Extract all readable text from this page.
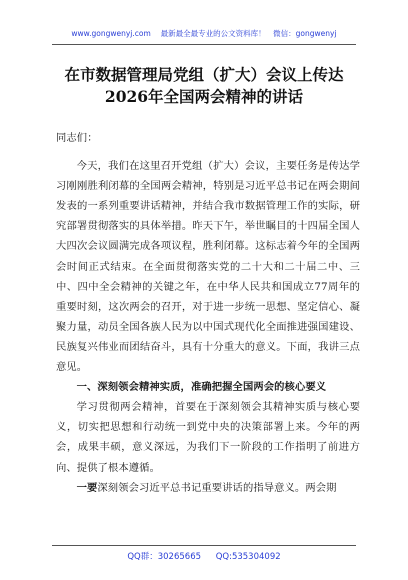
www.gongwenyj.com　 最新最全最专业的公文资料库！　微信：gongwenyj
在市数据管理局党组（扩大）会议上传达
2026年全国两会精神的讲话

同志们：

今天，我们在这里召开党组（扩大）会议，主要任务是传达学习刚刚胜利闭幕的全国两会精神，特别是习近平总书记在两会期间发表的一系列重要讲话精神，并结合我市数据管理工作的实际，研究部署贯彻落实的具体举措。昨天下午，举世瞩目的十四届全国人大四次会议圆满完成各项议程，胜利闭幕。这标志着今年的全国两会时间正式结束。在全面贯彻落实党的二十大和二十届二中、三中、四中全会精神的关键之年，在中华人民共和国成立77周年的重要时刻，这次两会的召开，对于进一步统一思想、坚定信心、凝聚力量，动员全国各族人民为以中国式现代化全面推进强国建设、民族复兴伟业而团结奋斗，具有十分重大的意义。下面，我讲三点意见。

一、深刻领会精神实质，准确把握全国两会的核心要义

学习贯彻两会精神，首要在于深刻领会其精神实质与核心要义，切实把思想和行动统一到党中央的决策部署上来。今年的两会，成果丰硕，意义深远，为我们下一阶段的工作指明了前进方向、提供了根本遵循。

一要深刻领会习近平总书记重要讲话的指导意义。两会期

QQ群：30265665 QQ:535304092
